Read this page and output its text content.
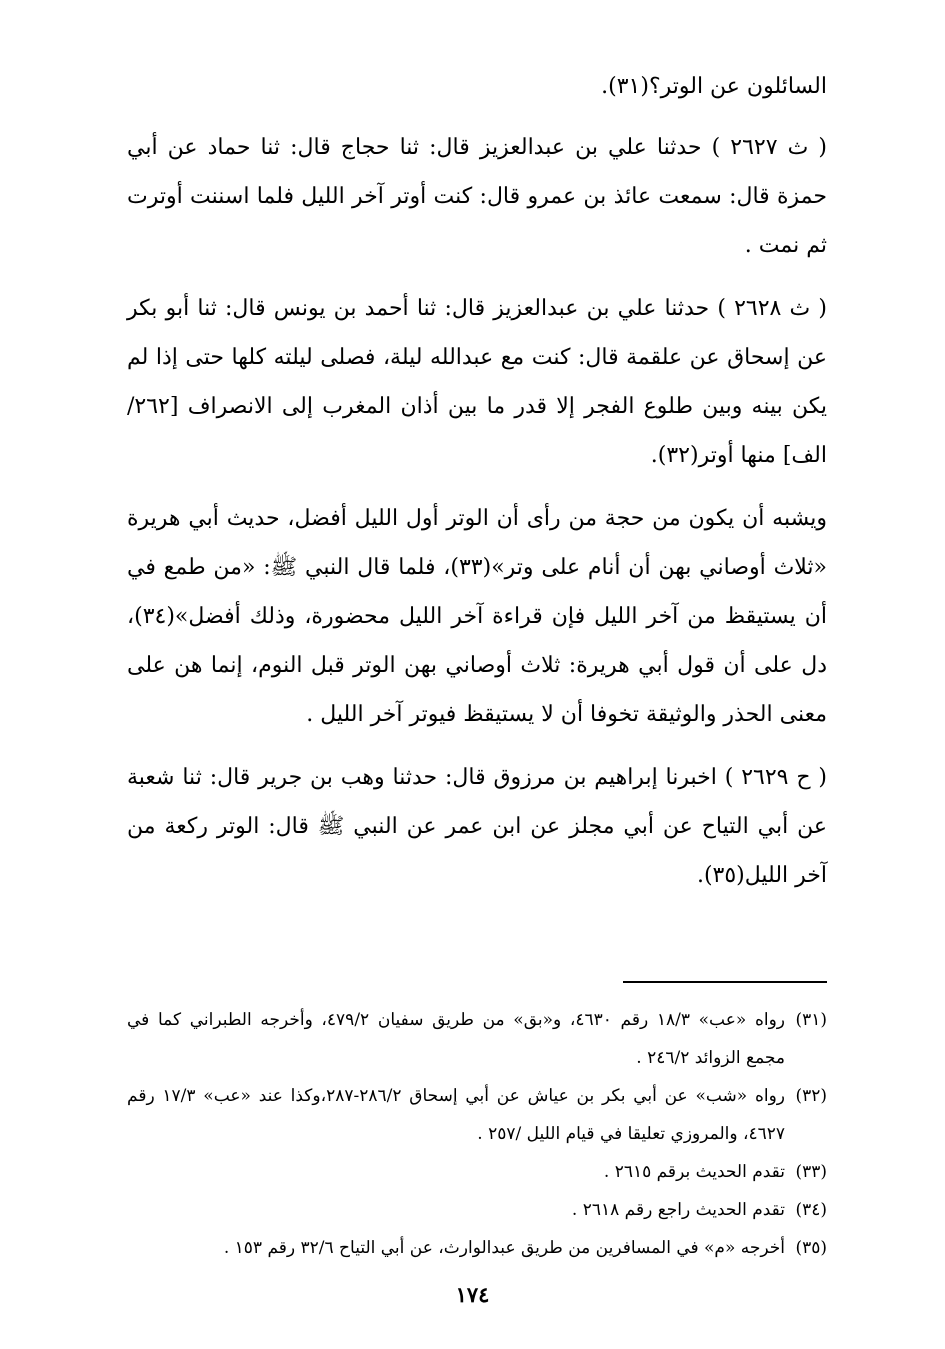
السائلون عن الوتر؟(٣١).

( ث ٢٦٢٧ ) حدثنا علي بن عبدالعزيز قال: ثنا حجاج قال: ثنا حماد عن أبي حمزة قال: سمعت عائذ بن عمرو قال: كنت أوتر آخر الليل فلما اسننت أوترت ثم نمت .

( ث ٢٦٢٨ ) حدثنا علي بن عبدالعزيز قال: ثنا أحمد بن يونس قال: ثنا أبو بكر عن إسحاق عن علقمة قال: كنت مع عبدالله ليلة، فصلى ليلته كلها حتى إذا لم يكن بينه وبين طلوع الفجر إلا قدر ما بين أذان المغرب إلى الانصراف [٢٦٢/الف] منها أوتر(٣٢).

ويشبه أن يكون من حجة من رأى أن الوتر أول الليل أفضل، حديث أبي هريرة «ثلاث أوصاني بهن أن أنام على وتر»(٣٣)، فلما قال النبي ﷺ: «من طمع في أن يستيقظ من آخر الليل فإن قراءة آخر الليل محضورة، وذلك أفضل»(٣٤)، دل على أن قول أبي هريرة: ثلاث أوصاني بهن الوتر قبل النوم، إنما هن على معنى الحذر والوثيقة تخوفا أن لا يستيقظ فيوتر آخر الليل .

( ح ٢٦٢٩ ) اخبرنا إبراهيم بن مرزوق قال: حدثنا وهب بن جرير قال: ثنا شعبة عن أبي التياح عن أبي مجلز عن ابن عمر عن النبي ﷺ قال: الوتر ركعة من آخر الليل(٣٥).

(٣١)
رواه «عب» ١٨/٣ رقم ٤٦٣٠، و«بق» من طريق سفيان ٤٧٩/٢، وأخرجه الطبراني كما في مجمع الزوائد ٢٤٦/٢ .
(٣٢)
رواه «شب» عن أبي بكر بن عياش عن أبي إسحاق ٢٨٦/٢-٢٨٧،وكذا عند «عب» ١٧/٣ رقم ٤٦٢٧، والمروزي تعليقا في قيام الليل /٢٥٧ .
(٣٣)
تقدم الحديث برقم ٢٦١٥ .
(٣٤)
تقدم الحديث راجع رقم ٢٦١٨ .
(٣٥)
أخرجه «م» في المسافرين من طريق عبدالوارث، عن أبي التياح ٣٢/٦ رقم ١٥٣ .
١٧٤
